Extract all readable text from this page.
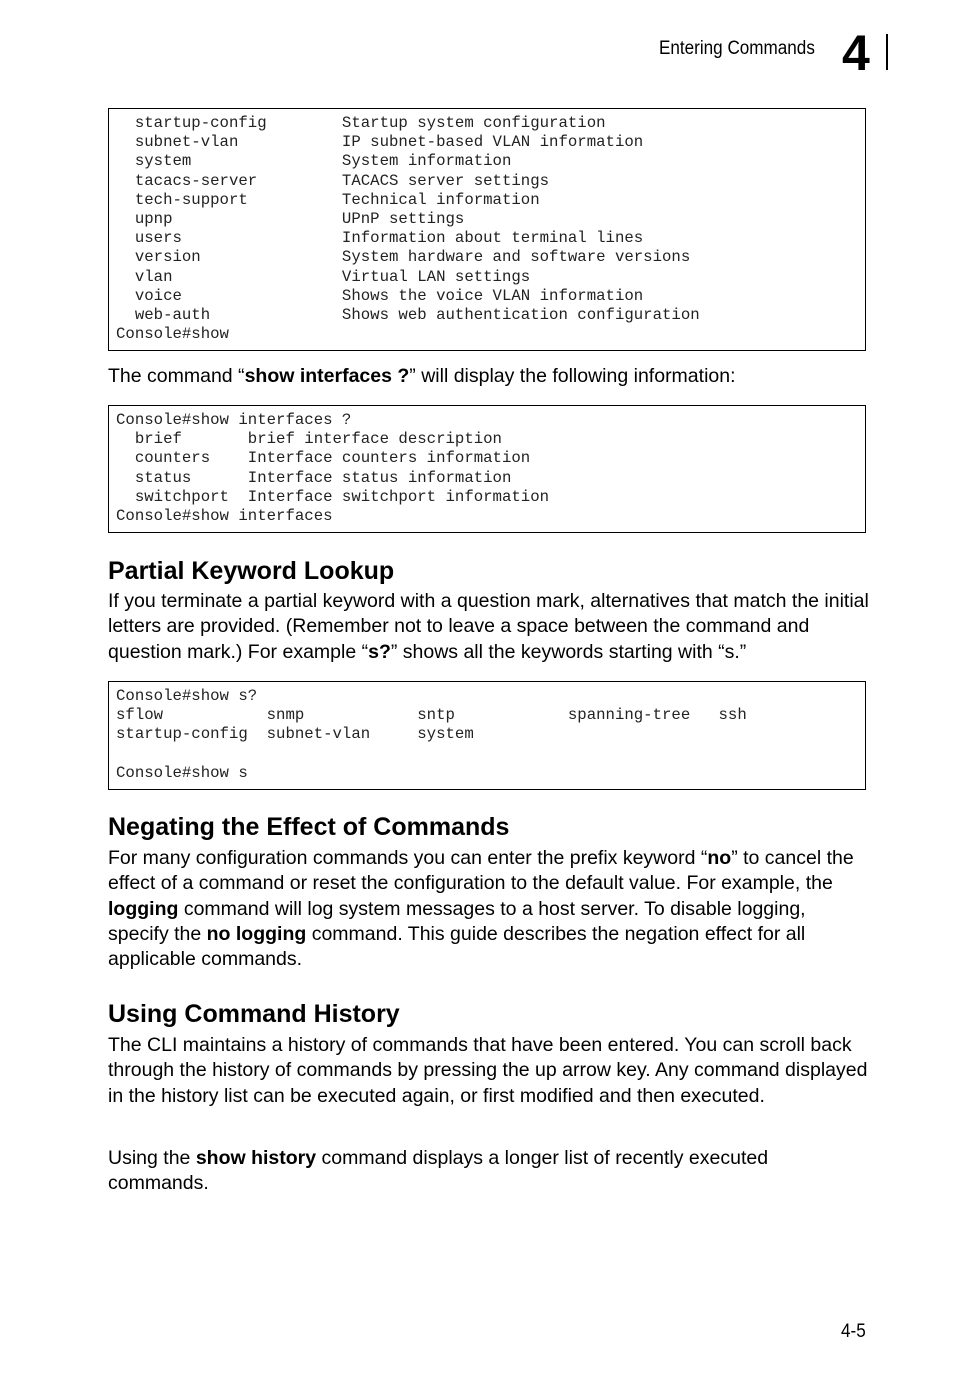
Entering Commands 4
startup-config        Startup system configuration
subnet-vlan           IP subnet-based VLAN information
system                System information
tacacs-server         TACACS server settings
tech-support          Technical information
upnp                  UPnP settings
users                 Information about terminal lines
version               System hardware and software versions
vlan                  Virtual LAN settings
voice                 Shows the voice VLAN information
web-auth              Shows web authentication configuration
Console#show

The command “show interfaces ?” will display the following information:

Console#show interfaces ?
brief       brief interface description
counters    Interface counters information
status      Interface status information
switchport  Interface switchport information
Console#show interfaces
Partial Keyword Lookup

If you terminate a partial keyword with a question mark, alternatives that match the initial letters are provided. (Remember not to leave a space between the command and question mark.) For example “s?” shows all the keywords starting with “s.”

Console#show s?
sflow           snmp            sntp            spanning-tree   ssh
startup-config  subnet-vlan     system

Console#show s
Negating the Effect of Commands

For many configuration commands you can enter the prefix keyword “no” to cancel the effect of a command or reset the configuration to the default value. For example, the logging command will log system messages to a host server. To disable logging, specify the no logging command. This guide describes the negation effect for all applicable commands.

Using Command History

The CLI maintains a history of commands that have been entered. You can scroll back through the history of commands by pressing the up arrow key. Any command displayed in the history list can be executed again, or first modified and then executed.

Using the show history command displays a longer list of recently executed commands.

4-5
